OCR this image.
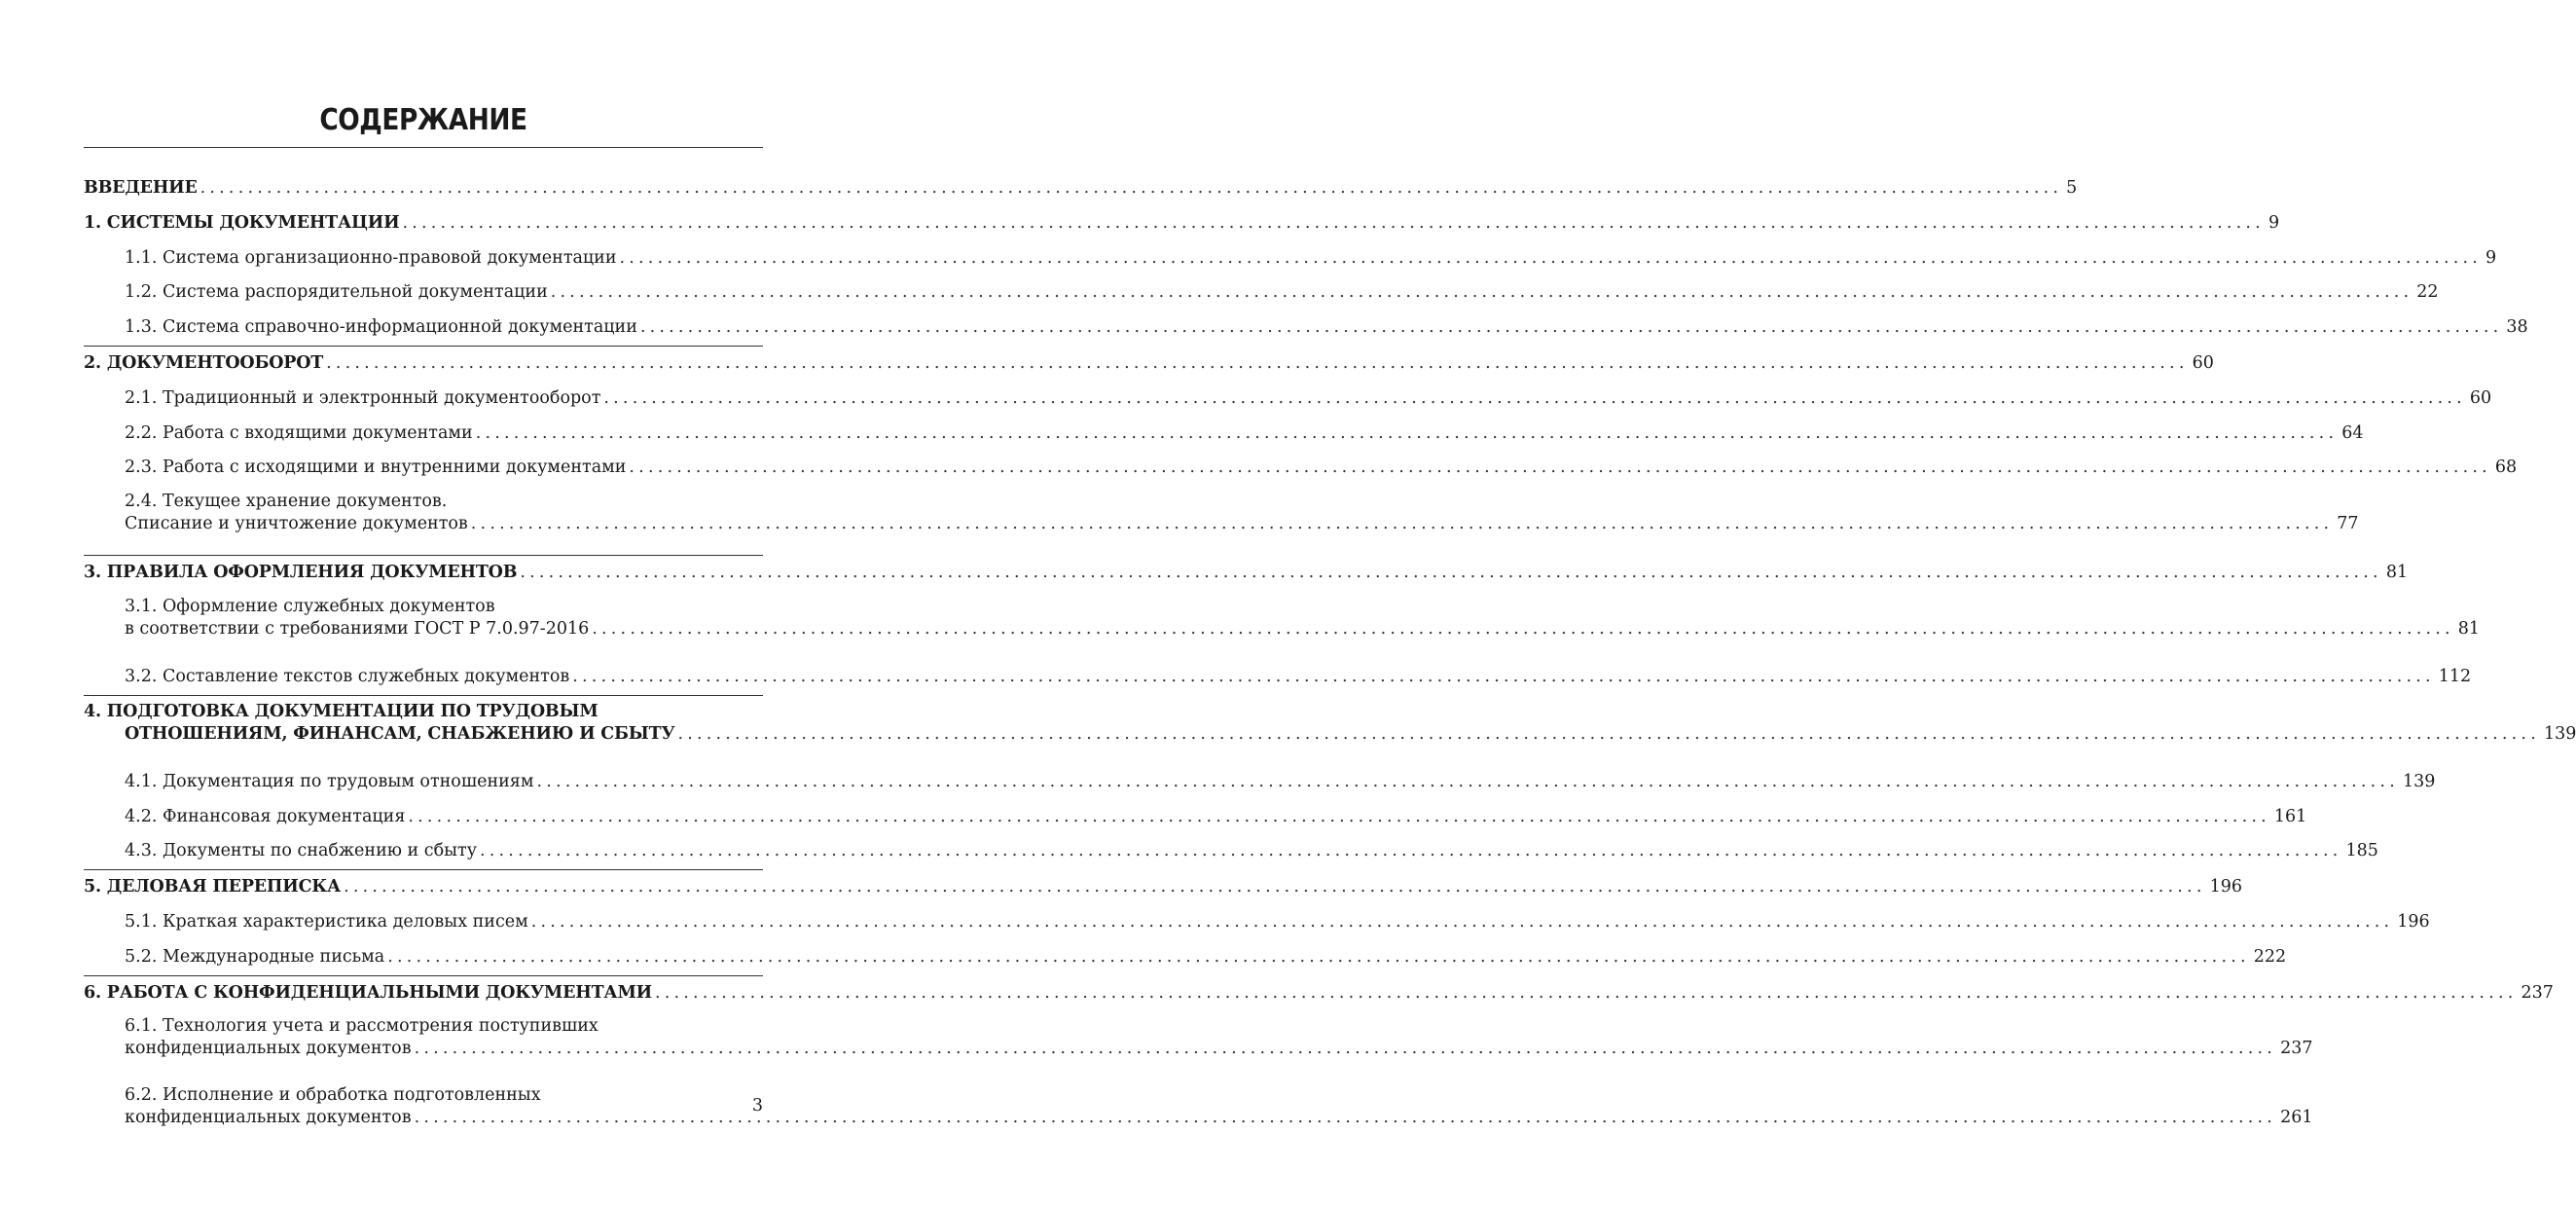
СОДЕРЖАНИЕ
ВВЕДЕНИЕ .....	5
1. СИСТЕМЫ ДОКУМЕНТАЦИИ .....	9
1.1. Система организационно-правовой документации .....	9
1.2. Система распорядительной документации .....	22
1.3. Система справочно-информационной документации .....	38
2. ДОКУМЕНТООБОРОТ .....	60
2.1. Традиционный и электронный документооборот .....	60
2.2. Работа с входящими документами .....	64
2.3. Работа с исходящими и внутренними документами .....	68
2.4. Текущее хранение документов.
Списание и уничтожение документов .....	77
3. ПРАВИЛА ОФОРМЛЕНИЯ ДОКУМЕНТОВ .....	81
3.1. Оформление служебных документов
в соответствии с требованиями ГОСТ Р 7.0.97-2016 .....	81
3.2. Составление текстов служебных документов .....	112
4. ПОДГОТОВКА ДОКУМЕНТАЦИИ ПО ТРУДОВЫМ
ОТНОШЕНИЯМ, ФИНАНСАМ, СНАБЖЕНИЮ И СБЫТУ .....	139
4.1. Документация по трудовым отношениям .....	139
4.2. Финансовая документация .....	161
4.3. Документы по снабжению и сбыту .....	185
5. ДЕЛОВАЯ ПЕРЕПИСКА .....	196
5.1. Краткая характеристика деловых писем .....	196
5.2. Международные письма .....	222
6. РАБОТА С КОНФИДЕНЦИАЛЬНЫМИ ДОКУМЕНТАМИ .....	237
6.1. Технология учета и рассмотрения поступивших
конфиденциальных документов .....	237
6.2. Исполнение и обработка подготовленных
конфиденциальных документов .....	261
3
